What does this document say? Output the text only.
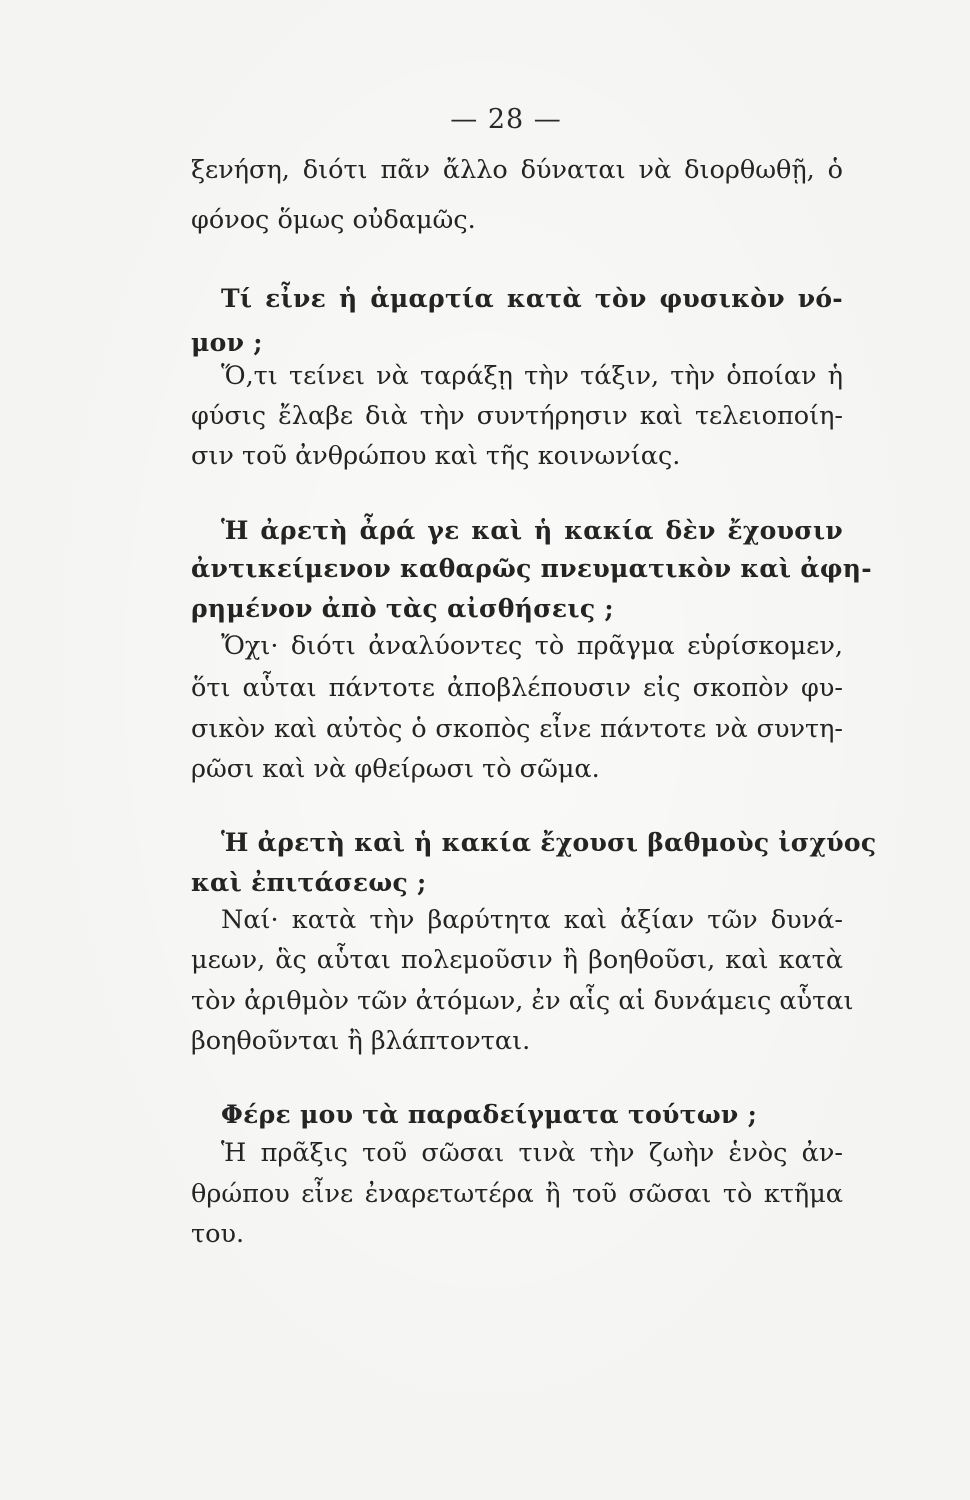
— 28 —
ξενήση, διότι πᾶν ἄλλο δύναται νὰ διορθωθῇ, ὁ
φόνος ὅμως οὐδαμῶς.
Τί εἶνε ἡ ἁμαρτία κατὰ τὸν φυσικὸν νό-
μον ;
Ὅ,τι τείνει νὰ ταράξῃ τὴν τάξιν, τὴν ὁποίαν ἡ
φύσις ἔλαβε διὰ τὴν συντήρησιν καὶ τελειοποίη-
σιν τοῦ ἀνθρώπου καὶ τῆς κοινωνίας.
Ἡ ἀρετὴ ἆρά γε καὶ ἡ κακία δὲν ἔχουσιν
ἀντικείμενον καθαρῶς πνευματικὸν καὶ ἀφη-
ρημένον ἀπὸ τὰς αἰσθήσεις ;
Ὄχι· διότι ἀναλύοντες τὸ πρᾶγμα εὑρίσκομεν,
ὅτι αὗται πάντοτε ἀποβλέπουσιν εἰς σκοπὸν φυ-
σικὸν καὶ αὐτὸς ὁ σκοπὸς εἶνε πάντοτε νὰ συντη-
ρῶσι καὶ νὰ φθείρωσι τὸ σῶμα.
Ἡ ἀρετὴ καὶ ἡ κακία ἔχουσι βαθμοὺς ἰσχύος
καὶ ἐπιτάσεως ;
Ναί· κατὰ τὴν βαρύτητα καὶ ἀξίαν τῶν δυνά-
μεων, ἃς αὗται πολεμοῦσιν ἢ βοηθοῦσι, καὶ κατὰ
τὸν ἀριθμὸν τῶν ἀτόμων, ἐν αἷς αἱ δυνάμεις αὗται
βοηθοῦνται ἢ βλάπτονται.
Φέρε μου τὰ παραδείγματα τούτων ;
Ἡ πρᾶξις τοῦ σῶσαι τινὰ τὴν ζωὴν ἑνὸς ἀν-
θρώπου εἶνε ἐναρετωτέρα ἢ τοῦ σῶσαι τὸ κτῆμα
του.
